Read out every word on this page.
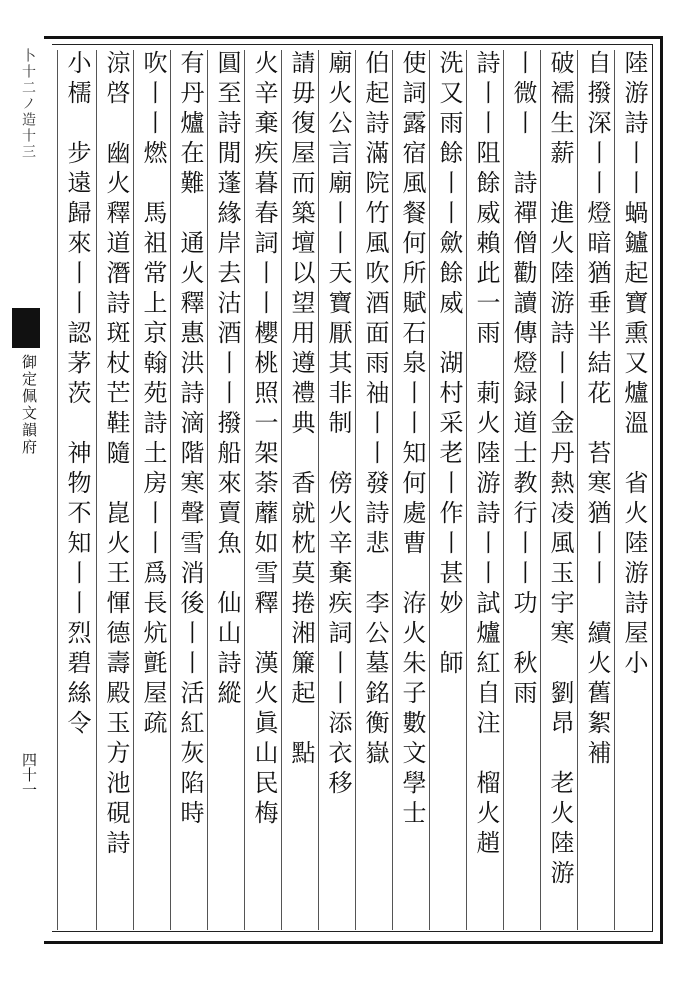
卜十二ノ造十三
御定佩文韻府
四十一
陸游詩丨丨蝸鑪起寶熏又爐溫　省火陸游詩屋小
自撥深丨丨燈暗猶垂半結花　苔寒猶丨丨　續火舊絮補
破襦生薪　進火陸游詩丨丨金丹熱凌風玉宇寒　劉昂　老火陸游
丨微丨　詩禪僧勸讀傳燈録道士教行丨丨功　秋雨
詩丨丨阻餘威賴此一雨　莿火陸游詩丨丨試爐紅自注　榴火趙
洗又雨餘丨丨歛餘威　湖村采老丨作丨甚妙　師
使詞露宿風餐何所賦石泉丨丨知何處曹　洊火朱子數文學士
伯起詩滿院竹風吹酒面雨䄂丨丨發詩悲　李公墓銘衡嶽
廟火公言廟丨丨天寶厭其非制　傍火辛棄疾詞丨丨添衣移
請毋復屋而築壇以望用遵禮典　香就枕莫捲湘簾起　點
火辛棄疾暮春詞丨丨櫻桃照一架荼蘼如雪釋　漢火眞山民梅
圓至詩閒蓬緣岸去沽酒丨丨撥船來賣魚　仙山詩縱
有丹爐在難　通火釋惠洪詩滴階寒聲雪消後丨丨活紅灰陷時
吹丨丨燃　馬祖常上京翰苑詩土房丨丨爲長炕氈屋疏
涼啓　幽火釋道潛詩斑杖芒鞋隨　崑火王惲德壽殿玉方池硯詩
小檽　步遠歸來丨丨認茅茨　神物不知丨丨烈碧絲令
